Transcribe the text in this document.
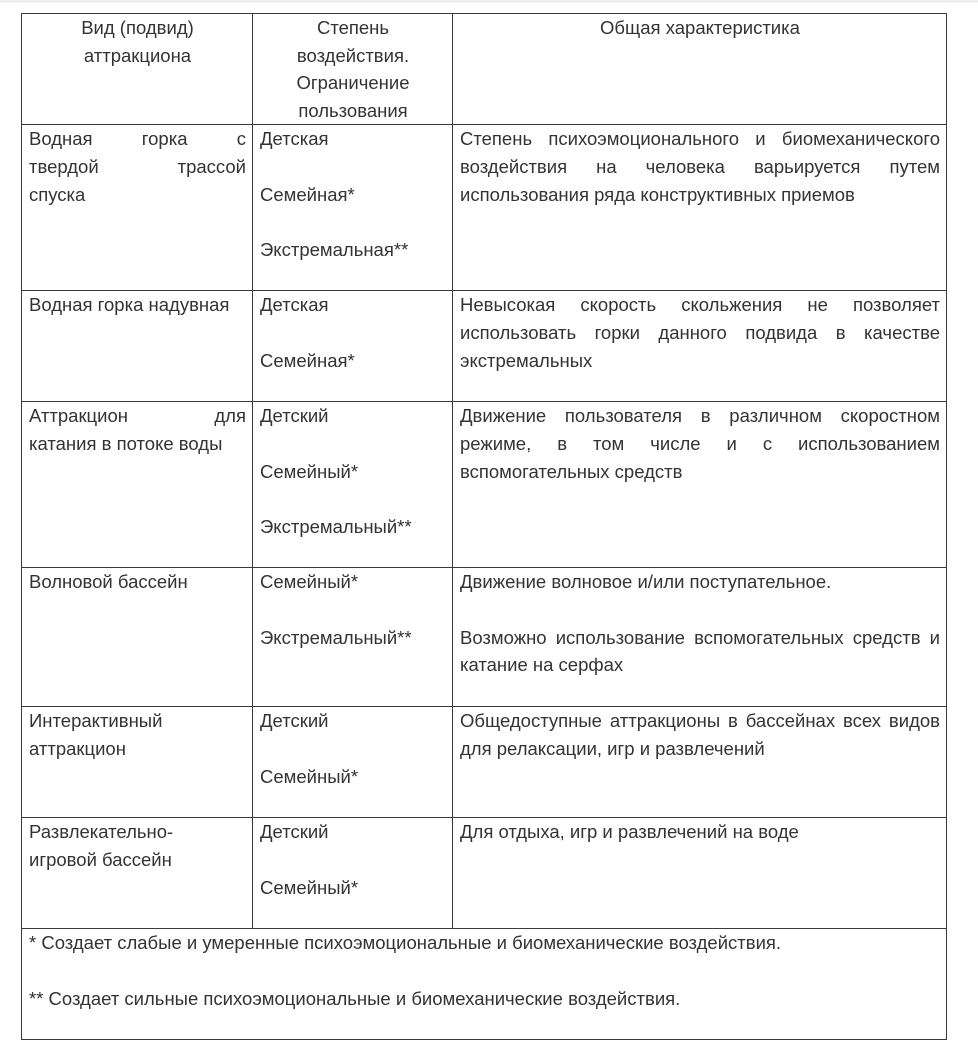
Вид (подвид)
аттракциона	Степень
воздействия.
Ограничение
пользования	Общая характеристика

Водная горка с
твердой трассой
спуска	Детская
Семейная*
Экстремальная**	Степень психоэмоционального и биомеханического воздействия на человека варьируется путем использования ряда конструктивных приемов

Водная горка надувная	Детская
Семейная*	Невысокая скорость скольжения не позволяет использовать горки данного подвида в качестве экстремальных

Аттракцион для
катания в потоке воды	Детский
Семейный*
Экстремальный**	Движение пользователя в различном скоростном режиме, в том числе и с использованием вспомогательных средств

Волновой бассейн	Семейный*
Экстремальный**	Движение волновое и/или поступательное.
Возможно использование вспомогательных средств и катание на серфах

Интерактивный
аттракцион	Детский
Семейный*	Общедоступные аттракционы в бассейнах всех видов для релаксации, игр и развлечений

Развлекательно-
игровой бассейн	Детский
Семейный*	Для отдыха, игр и развлечений на воде

* Создает слабые и умеренные психоэмоциональные и биомеханические воздействия.
** Создает сильные психоэмоциональные и биомеханические воздействия.		
